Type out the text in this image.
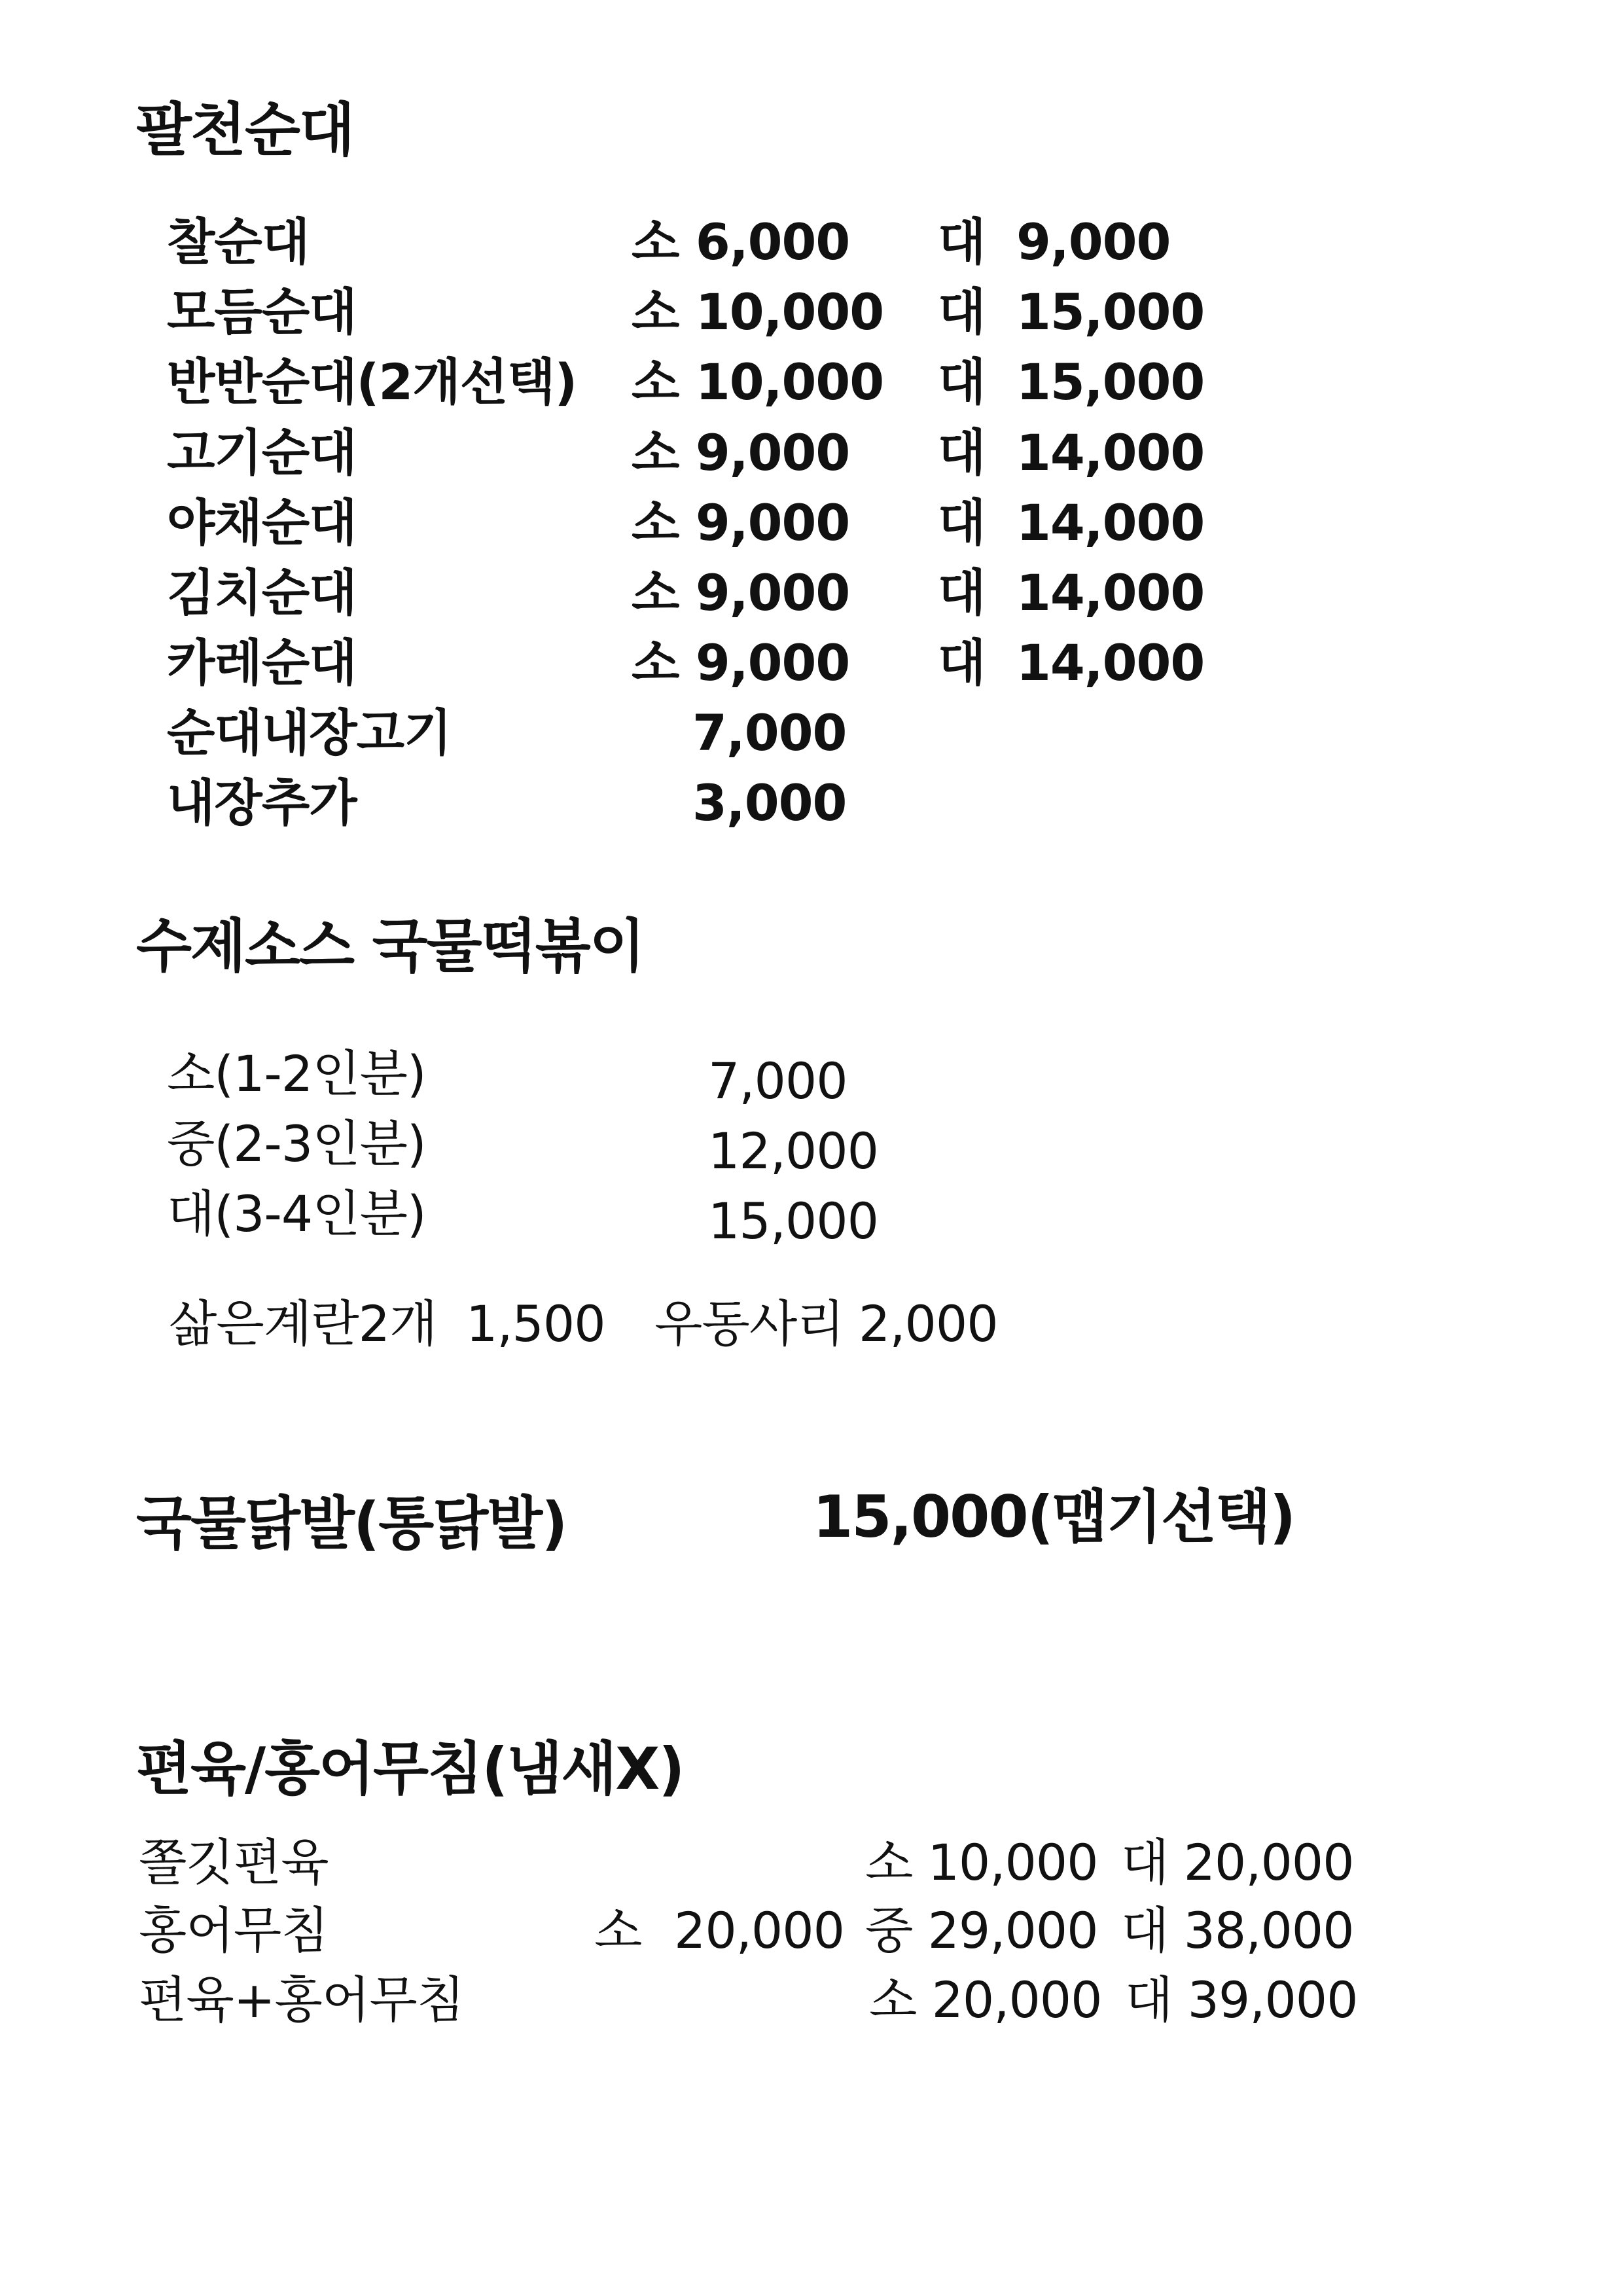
팔천순대
찰순대	소 6,000 대 9,000
모듬순대	소 10,000 대 15,000
반반순대(2개선택) 소 10,000 대 15,000
고기순대	소 9,000 대 14,000
야채순대	소 9,000 대 14,000
김치순대	소 9,000 대 14,000
카레순대	소 9,000 대 14,000
순대내장고기	7,000
내장추가	3,000
수제소스 국물떡볶이
소(1-2인분)	7,000
중(2-3인분)	12,000
대(3-4인분)	15,000
삶은계란2개 1,500 우동사리 2,000
국물닭발(통닭발)	15,000(맵기선택)
편육/홍어무침(냄새X)
쫄깃편육	소 10,000 대 20,000
홍어무침	소 20,000 중 29,000 대 38,000
편육+홍어무침	소 20,000 대 39,000
